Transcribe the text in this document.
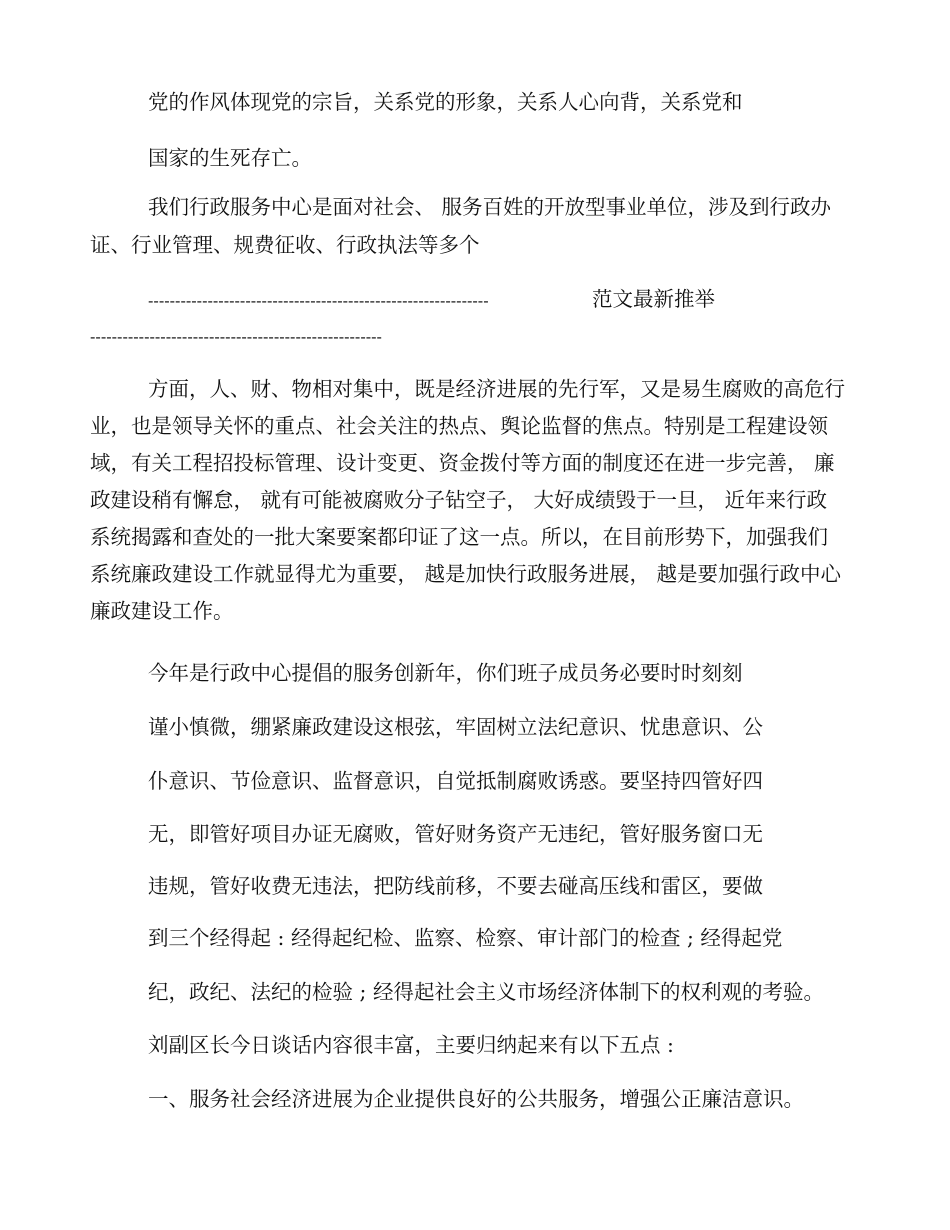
党的作风体现党的宗旨，关系党的形象，关系人心向背，关系党和
国家的生死存亡。
我们行政服务中心是面对社会、 服务百姓的开放型事业单位，涉及到行政办
证、行业管理、规费征收、行政执法等多个
---------------------------------------------------------------	范文最新推举
------------------------------------------------------
方面，人、财、物相对集中，既是经济进展的先行军，又是易生腐败的高危行
业，也是领导关怀的重点、社会关注的热点、舆论监督的焦点。特别是工程建设领
域，有关工程招投标管理、设计变更、资金拨付等方面的制度还在进一步完善， 廉
政建设稍有懈怠， 就有可能被腐败分子钻空子， 大好成绩毁于一旦， 近年来行政
系统揭露和查处的一批大案要案都印证了这一点。所以，在目前形势下，加强我们
系统廉政建设工作就显得尤为重要， 越是加快行政服务进展， 越是要加强行政中心
廉政建设工作。
今年是行政中心提倡的服务创新年，你们班子成员务必要时时刻刻
谨小慎微，绷紧廉政建设这根弦，牢固树立法纪意识、忧患意识、公
仆意识、节俭意识、监督意识，自觉抵制腐败诱惑。要坚持四管好四
无，即管好项目办证无腐败，管好财务资产无违纪，管好服务窗口无
违规，管好收费无违法，把防线前移，不要去碰高压线和雷区，要做
到三个经得起 : 经得起纪检、监察、检察、审计部门的检查 ; 经得起党
纪，政纪、法纪的检验 ; 经得起社会主义市场经济体制下的权利观的考验。
刘副区长今日谈话内容很丰富，主要归纳起来有以下五点 :
一、服务社会经济进展为企业提供良好的公共服务，增强公正廉洁意识。
